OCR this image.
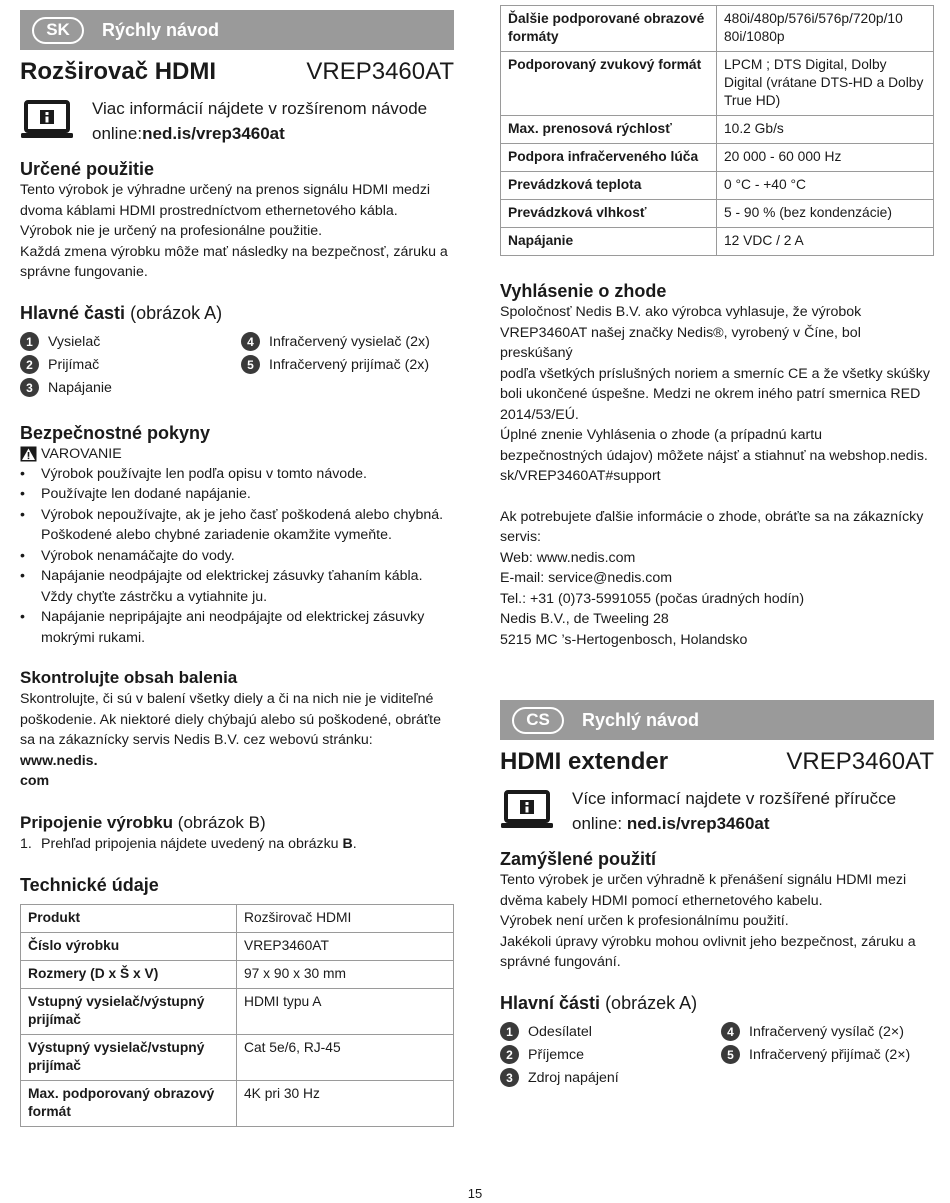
SK	Rýchly návod
Rozširovač HDMI	VREP3460AT
Viac informácií nájdete v rozšírenom návode
online:ned.is/vrep3460at
Určené použitie

Tento výrobok je výhradne určený na prenos signálu HDMI medzi
dvoma káblami HDMI prostredníctvom ethernetového kábla.
Výrobok nie je určený na profesionálne použitie.
Každá zmena výrobku môže mať následky na bezpečnosť, záruku a
správne fungovanie.

Hlavné časti (obrázok A)
1	Vysielač	4	Infračervený vysielač (2x)
2	Prijímač	5	Infračervený prijímač (2x)
3	Napájanie
Bezpečnostné pokyny
VAROVANIE
• Výrobok používajte len podľa opisu v tomto návode.
• Používajte len dodané napájanie.
• Výrobok nepoužívajte, ak je jeho časť poškodená alebo chybná.
Poškodené alebo chybné zariadenie okamžite vymeňte.
• Výrobok nenamáčajte do vody.
• Napájanie neodpájajte od elektrickej zásuvky ťahaním kábla.
Vždy chyťte zástrčku a vytiahnite ju.
• Napájanie nepripájajte ani neodpájajte od elektrickej zásuvky
mokrými rukami.
Skontrolujte obsah balenia

Skontrolujte, či sú v balení všetky diely a či na nich nie je viditeľné
poškodenie. Ak niektoré diely chýbajú alebo sú poškodené, obráťte
sa na zákaznícky servis Nedis B.V. cez webovú stránku: www.nedis.
com

Pripojenie výrobku (obrázok B)

1. Prehľad pripojenia nájdete uvedený na obrázku B.

Technické údaje
Produkt	Rozširovač HDMI
Číslo výrobku	VREP3460AT
Rozmery (D x Š x V)	97 x 90 x 30 mm

Vstupný vysielač/výstupný
prijímač	HDMI typu A

Výstupný vysielač/vstupný
prijímač	Cat 5e/6, RJ-45

Max. podporovaný obrazový
formát	4K pri 30 Hz
Ďalšie podporované obrazové
formáty	480i/480p/576i/576p/720p/10
80i/1080p

Podporovaný zvukový formát	LPCM ; DTS Digital, Dolby
Digital (vrátane DTS-HD a Dolby
True HD)

Max. prenosová rýchlosť	10.2 Gb/s
Podpora infračerveného lúča	20 000 - 60 000 Hz
Prevádzková teplota	0 °C - +40 °C
Prevádzková vlhkosť	5 - 90 % (bez kondenzácie)
Napájanie	12 VDC / 2 A
Vyhlásenie o zhode

Spoločnosť Nedis B.V. ako výrobca vyhlasuje, že výrobok
VREP3460AT našej značky Nedis®, vyrobený v Číne, bol preskúšaný
podľa všetkých príslušných noriem a smerníc CE a že všetky skúšky
boli ukončené úspešne. Medzi ne okrem iného patrí smernica RED
2014/53/EÚ.
Úplné znenie Vyhlásenia o zhode (a prípadnú kartu
bezpečnostných údajov) môžete nájsť a stiahnuť na webshop.nedis.
sk/VREP3460AT#support

Ak potrebujete ďalšie informácie o zhode, obráťte sa na zákaznícky
servis:
Web: www.nedis.com
E-mail: service@nedis.com
Tel.: +31 (0)73-5991055 (počas úradných hodín)
Nedis B.V., de Tweeling 28
5215 MC ’s-Hertogenbosch, Holandsko

CS	Rychlý návod
HDMI extender	VREP3460AT
Více informací najdete v rozšířené příručce
online: ned.is/vrep3460at
Zamýšlené použití

Tento výrobek je určen výhradně k přenášení signálu HDMI mezi
dvěma kabely HDMI pomocí ethernetového kabelu.
Výrobek není určen k profesionálnímu použití.
Jakékoli úpravy výrobku mohou ovlivnit jeho bezpečnost, záruku a
správné fungování.

Hlavní části (obrázek A)
1	Odesílatel	4	Infračervený vysílač (2×)
2	Příjemce	5	Infračervený přijímač (2×)
3	Zdroj napájení
15
